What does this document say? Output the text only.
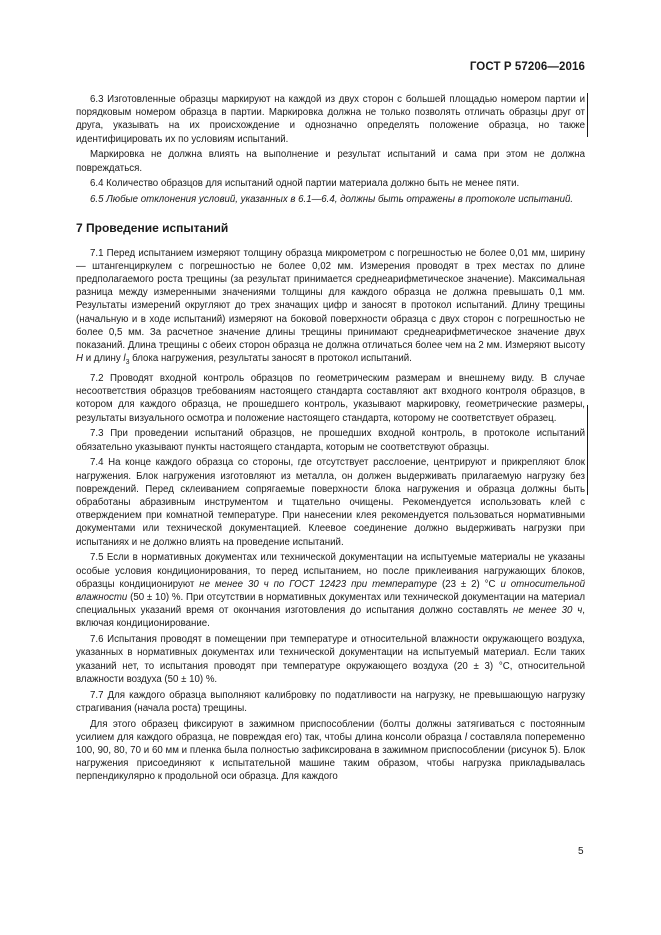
ГОСТ Р 57206—2016

6.3 Изготовленные образцы маркируют на каждой из двух сторон с большей площадью номером партии и порядковым номером образца в партии. Маркировка должна не только позволять отличать образцы друг от друга, указывать на их происхождение и однозначно определять положение образца, но также идентифицировать их по условиям испытаний.

Маркировка не должна влиять на выполнение и результат испытаний и сама при этом не должна повреждаться.

6.4 Количество образцов для испытаний одной партии материала должно быть не менее пяти.

6.5 Любые отклонения условий, указанных в 6.1—6.4, должны быть отражены в протоколе испытаний.

7 Проведение испытаний

7.1 Перед испытанием измеряют толщину образца микрометром с погрешностью не более 0,01 мм, ширину — штангенциркулем с погрешностью не более 0,02 мм. Измерения проводят в трех местах по длине предполагаемого роста трещины (за результат принимается среднеарифметическое значение). Максимальная разница между измеренными значениями толщины для каждого образца не должна превышать 0,1 мм. Результаты измерений округляют до трех значащих цифр и заносят в протокол испытаний. Длину трещины (начальную и в ходе испытаний) измеряют на боковой поверхности образца с двух сторон с погрешностью не более 0,5 мм. За расчетное значение длины трещины принимают среднеарифметическое значение двух показаний. Длина трещины с обеих сторон образца не должна отличаться более чем на 2 мм. Измеряют высоту H и длину $l_3$ блока нагружения, результаты заносят в протокол испытаний.

7.2 Проводят входной контроль образцов по геометрическим размерам и внешнему виду. В случае несоответствия образцов требованиям настоящего стандарта составляют акт входного контроля образцов, в котором для каждого образца, не прошедшего контроль, указывают маркировку, геометрические размеры, результаты визуального осмотра и положение настоящего стандарта, которому не соответствует образец.

7.3 При проведении испытаний образцов, не прошедших входной контроль, в протоколе испытаний обязательно указывают пункты настоящего стандарта, которым не соответствуют образцы.

7.4 На конце каждого образца со стороны, где отсутствует расслоение, центрируют и прикрепляют блок нагружения. Блок нагружения изготовляют из металла, он должен выдерживать прилагаемую нагрузку без повреждений. Перед склеиванием сопрягаемые поверхности блока нагружения и образца должны быть обработаны абразивным инструментом и тщательно очищены. Рекомендуется использовать клей с отверждением при комнатной температуре. При нанесении клея рекомендуется пользоваться нормативными документами или технической документацией. Клеевое соединение должно выдерживать нагрузки при испытаниях и не должно влиять на проведение испытаний.

7.5 Если в нормативных документах или технической документации на испытуемые материалы не указаны особые условия кондиционирования, то перед испытанием, но после приклеивания нагружающих блоков, образцы кондиционируют не менее 30 ч по ГОСТ 12423 при температуре (23 ± 2) °C и относительной влажности (50 ± 10) %. При отсутствии в нормативных документах или технической документации на материал специальных указаний время от окончания изготовления до испытания должно составлять не менее 30 ч, включая кондиционирование.

7.6 Испытания проводят в помещении при температуре и относительной влажности окружающего воздуха, указанных в нормативных документах или технической документации на испытуемый материал. Если таких указаний нет, то испытания проводят при температуре окружающего воздуха (20 ± 3) °C, относительной влажности воздуха (50 ± 10) %.

7.7 Для каждого образца выполняют калибровку по податливости на нагрузку, не превышающую нагрузку страгивания (начала роста) трещины.

Для этого образец фиксируют в зажимном приспособлении (болты должны затягиваться с постоянным усилием для каждого образца, не повреждая его) так, чтобы длина консоли образца l составляла попеременно 100, 90, 80, 70 и 60 мм и пленка была полностью зафиксирована в зажимном приспособлении (рисунок 5). Блок нагружения присоединяют к испытательной машине таким образом, чтобы нагрузка прикладывалась перпендикулярно к продольной оси образца. Для каждого

5
